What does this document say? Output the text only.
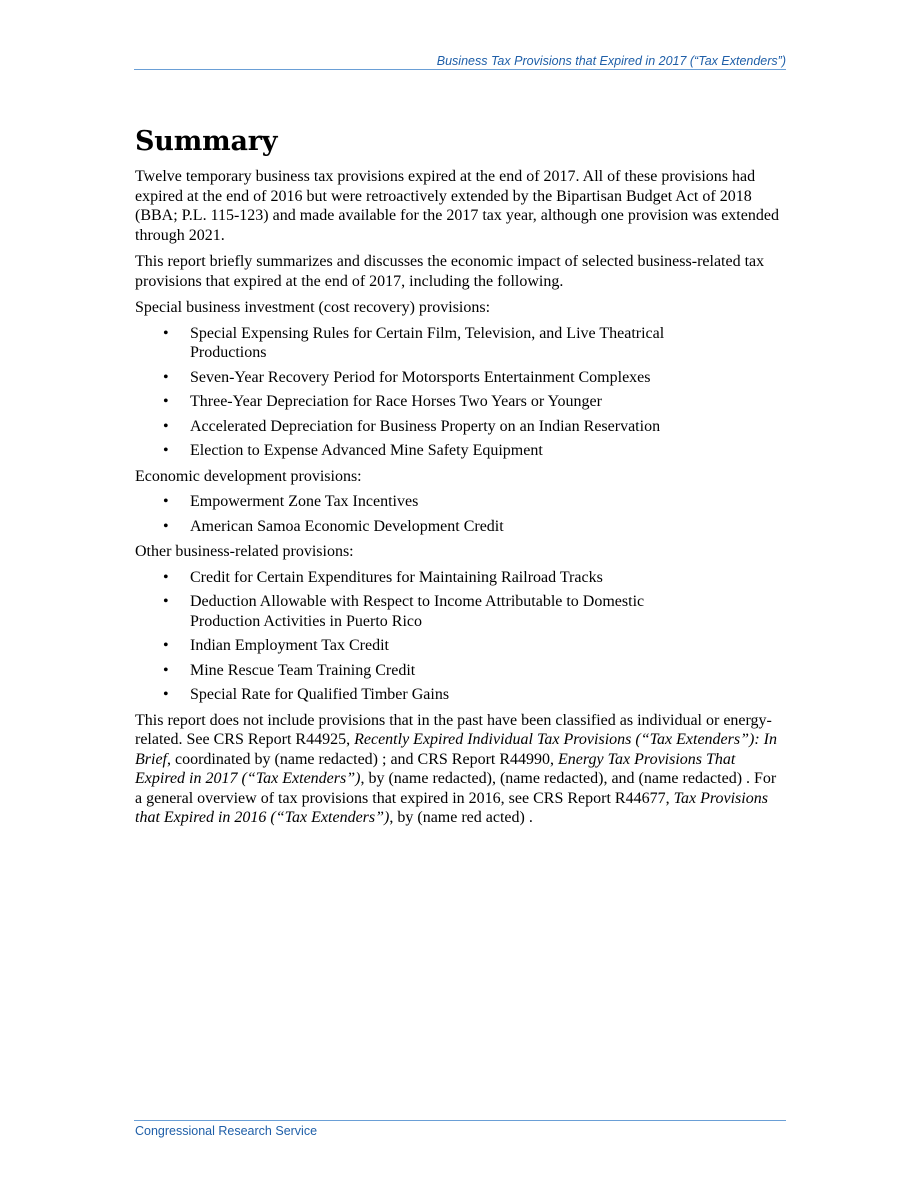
Business Tax Provisions that Expired in 2017 (“Tax Extenders”)
Summary

Twelve temporary business tax provisions expired at the end of 2017. All of these provisions had expired at the end of 2016 but were retroactively extended by the Bipartisan Budget Act of 2018 (BBA; P.L. 115-123) and made available for the 2017 tax year, although one provision was extended through 2021.

This report briefly summarizes and discusses the economic impact of selected business-related tax provisions that expired at the end of 2017, including the following.

Special business investment (cost recovery) provisions:

• Special Expensing Rules for Certain Film, Television, and Live Theatrical Productions
• Seven-Year Recovery Period for Motorsports Entertainment Complexes
• Three-Year Depreciation for Race Horses Two Years or Younger
• Accelerated Depreciation for Business Property on an Indian Reservation
• Election to Expense Advanced Mine Safety Equipment

Economic development provisions:

• Empowerment Zone Tax Incentives
• American Samoa Economic Development Credit

Other business-related provisions:

• Credit for Certain Expenditures for Maintaining Railroad Tracks
• Deduction Allowable with Respect to Income Attributable to Domestic Production Activities in Puerto Rico
• Indian Employment Tax Credit
• Mine Rescue Team Training Credit
• Special Rate for Qualified Timber Gains

This report does not include provisions that in the past have been classified as individual or energy-related. See CRS Report R44925, Recently Expired Individual Tax Provisions (“Tax Extenders”): In Brief, coordinated by (name redacted) ; and CRS Report R44990, Energy Tax Provisions That Expired in 2017 (“Tax Extenders”), by (name redacted), (name redacted), and (name redacted) . For a general overview of tax provisions that expired in 2016, see CRS Report R44677, Tax Provisions that Expired in 2016 (“Tax Extenders”), by (name red acted) .

Congressional Research Service
